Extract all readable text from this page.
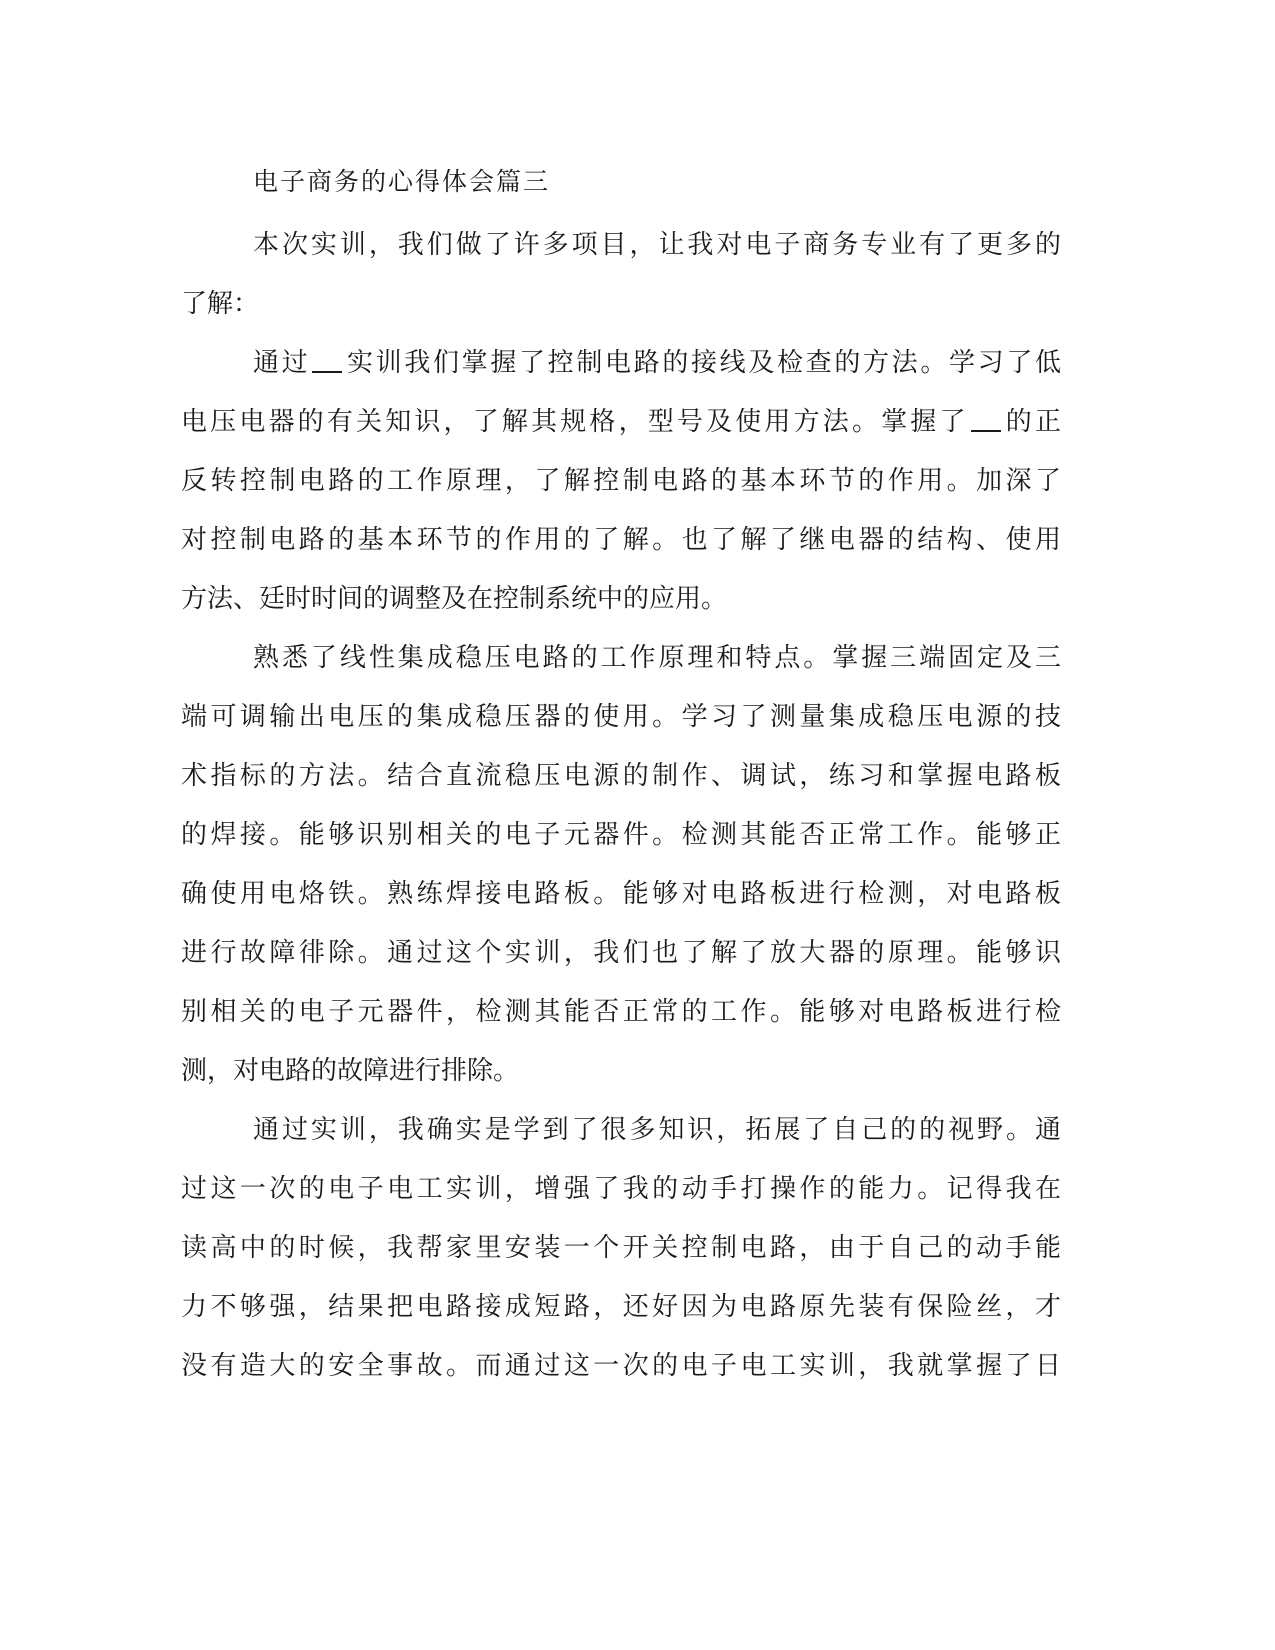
电子商务的心得体会篇三
本次实训，我们做了许多项目，让我对电子商务专业有了更多的
了解：
通过 实训我们掌握了控制电路的接线及检查的方法。学习了低
电压电器的有关知识，了解其规格，型号及使用方法。掌握了 的正
反转控制电路的工作原理，了解控制电路的基本环节的作用。加深了
对控制电路的基本环节的作用的了解。也了解了继电器的结构、使用
方法、廷时时间的调整及在控制系统中的应用。
熟悉了线性集成稳压电路的工作原理和特点。掌握三端固定及三
端可调输出电压的集成稳压器的使用。学习了测量集成稳压电源的技
术指标的方法。结合直流稳压电源的制作、调试，练习和掌握电路板
的焊接。能够识别相关的电子元器件。检测其能否正常工作。能够正
确使用电烙铁。熟练焊接电路板。能够对电路板进行检测，对电路板
进行故障徘除。通过这个实训，我们也了解了放大器的原理。能够识
别相关的电子元器件，检测其能否正常的工作。能够对电路板进行检
测，对电路的故障进行排除。
通过实训，我确实是学到了很多知识，拓展了自己的的视野。通
过这一次的电子电工实训，增强了我的动手打操作的能力。记得我在
读高中的时候，我帮家里安装一个开关控制电路，由于自己的动手能
力不够强，结果把电路接成短路，还好因为电路原先装有保险丝，才
没有造大的安全事故。而通过这一次的电子电工实训，我就掌握了日
